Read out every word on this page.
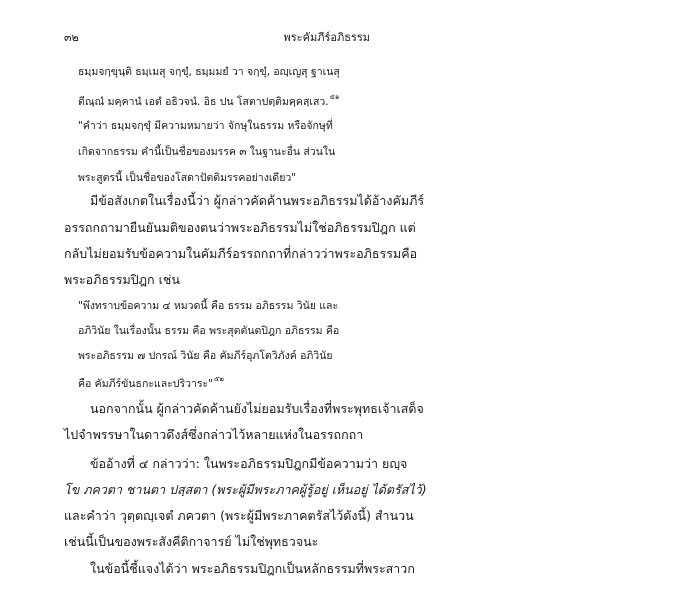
๓๒	พระคัมภีร์อภิธรรม
ธมฺมจกฺขุนฺติ ธมฺเมสุ จกฺขุํ, ธมฺมมยํ วา จกฺขุํ, อญฺเญสุ ฐาเนสุ
ตีณฺณํ มคฺคานํ เอตํ อธิวจนํ. อิธ ปน โสตาปตฺติมคฺคสฺเสว.$^{๕๑}$
"คำว่า ธมฺมจกฺขุํ มีความหมายว่า จักษุในธรรม หรือจักษุที่
เกิดจากธรรม คำนี้เป็นชื่อของมรรค ๓ ในฐานะอื่น ส่วนใน
พระสูตรนี้ เป็นชื่อของโสดาปัตติมรรคอย่างเดียว"
มีข้อสังเกตในเรื่องนี้ว่า ผู้กล่าวคัดค้านพระอภิธรรมได้อ้างคัมภีร์
อรรถกถามายืนยันมติของตนว่าพระอภิธรรมไม่ใช่อภิธรรมปิฎก แต่
กลับไม่ยอมรับข้อความในคัมภีร์อรรถกถาที่กล่าวว่าพระอภิธรรมคือ
พระอภิธรรมปิฎก เช่น
"พึงทราบข้อความ ๔ หมวดนี้ คือ ธรรม อภิธรรม วินัย และ
อภิวินัย ในเรื่องนั้น ธรรม คือ พระสุตตันตปิฎก อภิธรรม คือ
พระอภิธรรม ๗ ปกรณ์ วินัย คือ คัมภีร์อุภโตวิภังค์ อภิวินัย
คือ คัมภีร์ขันธกะและปริวาระ"$^{๕๒}$
นอกจากนั้น ผู้กล่าวคัดค้านยังไม่ยอมรับเรื่องที่พระพุทธเจ้าเสด็จ
ไปจำพรรษาในดาวดึงส์ซึ่งกล่าวไว้หลายแห่งในอรรถกถา
ข้ออ้างที่ ๔ กล่าวว่า: ในพระอภิธรรมปิฎกมีข้อความว่า ยญฺจ
โข ภควตา ชานตา ปสฺสตา (พระผู้มีพระภาคผู้รู้อยู่ เห็นอยู่ ได้ตรัสไว้)
และคำว่า วุตฺตญฺเจตํ ภควตา (พระผู้มีพระภาคตรัสไว้ดังนี้) สำนวน
เช่นนี้เป็นของพระสังคีติกาจารย์ ไม่ใช่พุทธวจนะ
ในข้อนี้ชี้แจงได้ว่า พระอภิธรรมปิฎกเป็นหลักธรรมที่พระสาวก
